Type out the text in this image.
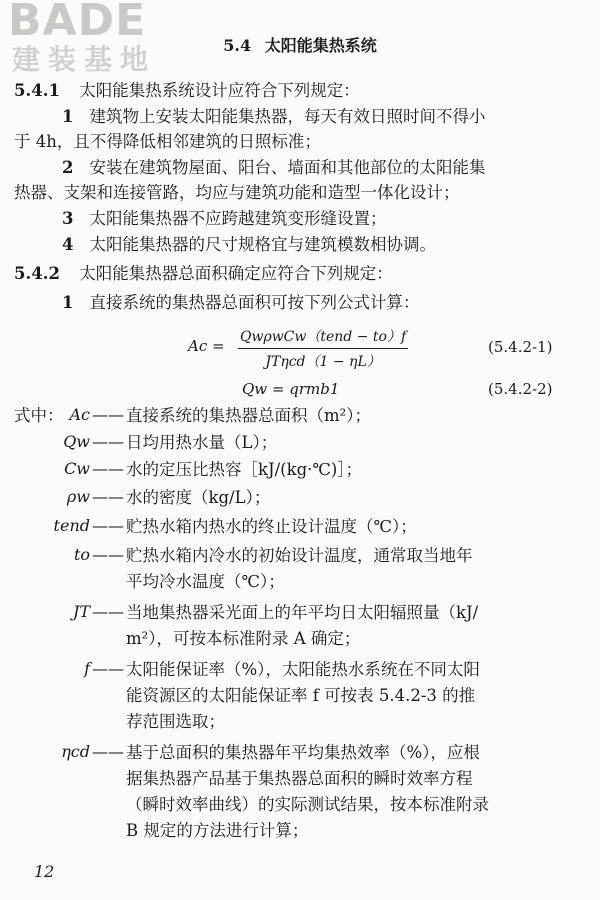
BADE
建装基地	5.4 太阳能集热系统
5.4.1 太阳能集热系统设计应符合下列规定：
1 建筑物上安装太阳能集热器，每天有效日照时间不得小
于 4h，且不得降低相邻建筑的日照标准；
2 安装在建筑物屋面、阳台、墙面和其他部位的太阳能集
热器、支架和连接管路，均应与建筑功能和造型一体化设计；
3 太阳能集热器不应跨越建筑变形缝设置；
4 太阳能集热器的尺寸规格宜与建筑模数相协调。
5.4.2 太阳能集热器总面积确定应符合下列规定：
1 直接系统的集热器总面积可按下列公式计算：
Ac = QwρwCw（tend − to）f
JTηcd（1 − ηL）
(5.4.2-1)
Qw = qrmb1	(5.4.2-2)
式中： Ac —— 直接系统的集热器总面积（m²）；
Qw —— 日均用热水量（L）；
Cw —— 水的定压比热容［kJ/(kg·℃)］；
ρw —— 水的密度（kg/L）；
tend —— 贮热水箱内热水的终止设计温度（℃）；
to —— 贮热水箱内冷水的初始设计温度，通常取当地年
平均冷水温度（℃）；
JT —— 当地集热器采光面上的年平均日太阳辐照量（kJ/
m²），可按本标准附录 A 确定；
f —— 太阳能保证率（%），太阳能热水系统在不同太阳
能资源区的太阳能保证率 f 可按表 5.4.2-3 的推
荐范围选取；
ηcd —— 基于总面积的集热器年平均集热效率（%），应根
据集热器产品基于集热器总面积的瞬时效率方程
（瞬时效率曲线）的实际测试结果，按本标准附录
B 规定的方法进行计算；
12
